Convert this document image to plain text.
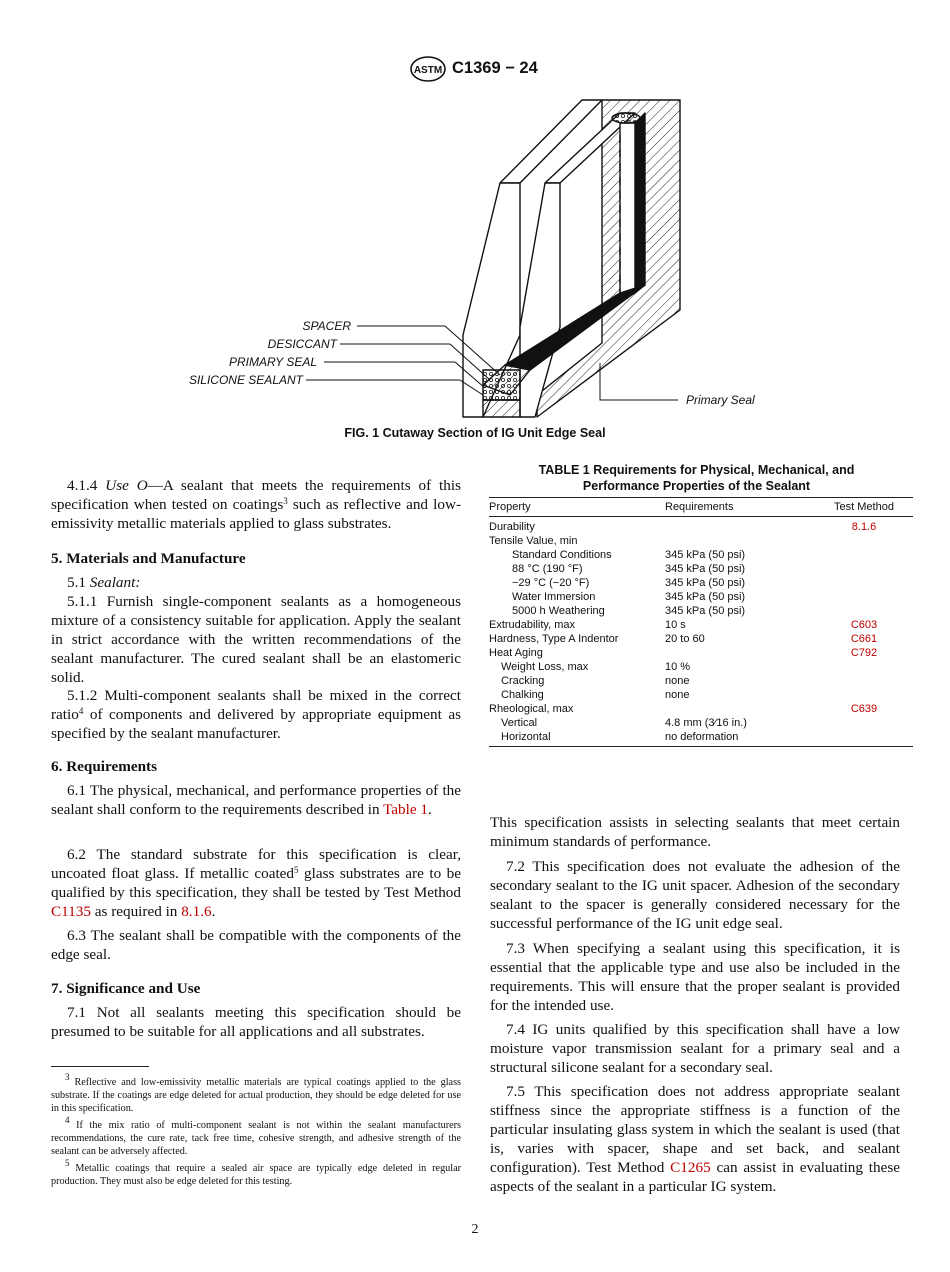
ASTM C1369 − 24
SPACER
DESICCANT
PRIMARY SEAL
SILICONE SEALANT
Primary Seal
FIG. 1 Cutaway Section of IG Unit Edge Seal

4.1.4 Use O—A sealant that meets the requirements of this specification when tested on coatings$^3$ such as reflective and low-emissivity metallic materials applied to glass substrates.

5. Materials and Manufacture

5.1 Sealant:

5.1.1 Furnish single-component sealants as a homogeneous mixture of a consistency suitable for application. Apply the sealant in strict accordance with the written recommendations of the sealant manufacturer. The cured sealant shall be an elastomeric solid.

5.1.2 Multi-component sealants shall be mixed in the correct ratio$^4$ of components and delivered by appropriate equipment as specified by the sealant manufacturer.

6. Requirements

6.1 The physical, mechanical, and performance properties of the sealant shall conform to the requirements described in Table 1.

6.2 The standard substrate for this specification is clear, uncoated float glass. If metallic coated$^5$ glass substrates are to be qualified by this specification, they shall be tested by Test Method C1135 as required in 8.1.6.

6.3 The sealant shall be compatible with the components of the edge seal.

7. Significance and Use

7.1 Not all sealants meeting this specification should be presumed to be suitable for all applications and all substrates.

$^3$ Reflective and low-emissivity metallic materials are typical coatings applied to the glass substrate. If the coatings are edge deleted for actual production, they should be edge deleted for use in this specification.

$^4$ If the mix ratio of multi-component sealant is not within the sealant manufacturers recommendations, the cure rate, tack free time, cohesive strength, and adhesive strength of the sealant can be adversely affected.

$^5$ Metallic coatings that require a sealed air space are typically edge deleted in regular production. They must also be edge deleted for this testing.

TABLE 1 Requirements for Physical, Mechanical, and
Performance Properties of the Sealant
Property	Requirements	Test Method
Durability		8.1.6
Tensile Value, min		
Standard Conditions	345 kPa (50 psi)	
88 °C (190 °F)	345 kPa (50 psi)	
−29 °C (−20 °F)	345 kPa (50 psi)	
Water Immersion	345 kPa (50 psi)	
5000 h Weathering	345 kPa (50 psi)	
Extrudability, max	10 s	C603
Hardness, Type A Indentor	20 to 60	C661
Heat Aging		C792
Weight Loss, max	10 %	
Cracking	none	
Chalking	none	
Rheological, max		C639
Vertical	4.8 mm (3⁄16 in.)	
Horizontal	no deformation	

This specification assists in selecting sealants that meet certain minimum standards of performance.

7.2 This specification does not evaluate the adhesion of the secondary sealant to the IG unit spacer. Adhesion of the secondary sealant to the spacer is generally considered necessary for the successful performance of the IG unit edge seal.

7.3 When specifying a sealant using this specification, it is essential that the applicable type and use also be included in the requirements. This will ensure that the proper sealant is provided for the intended use.

7.4 IG units qualified by this specification shall have a low moisture vapor transmission sealant for a primary seal and a structural silicone sealant for a secondary seal.

7.5 This specification does not address appropriate sealant stiffness since the appropriate stiffness is a function of the particular insulating glass system in which the sealant is used (that is, varies with spacer, shape and set back, and sealant configuration). Test Method C1265 can assist in evaluating these aspects of the sealant in a particular IG system.

2
